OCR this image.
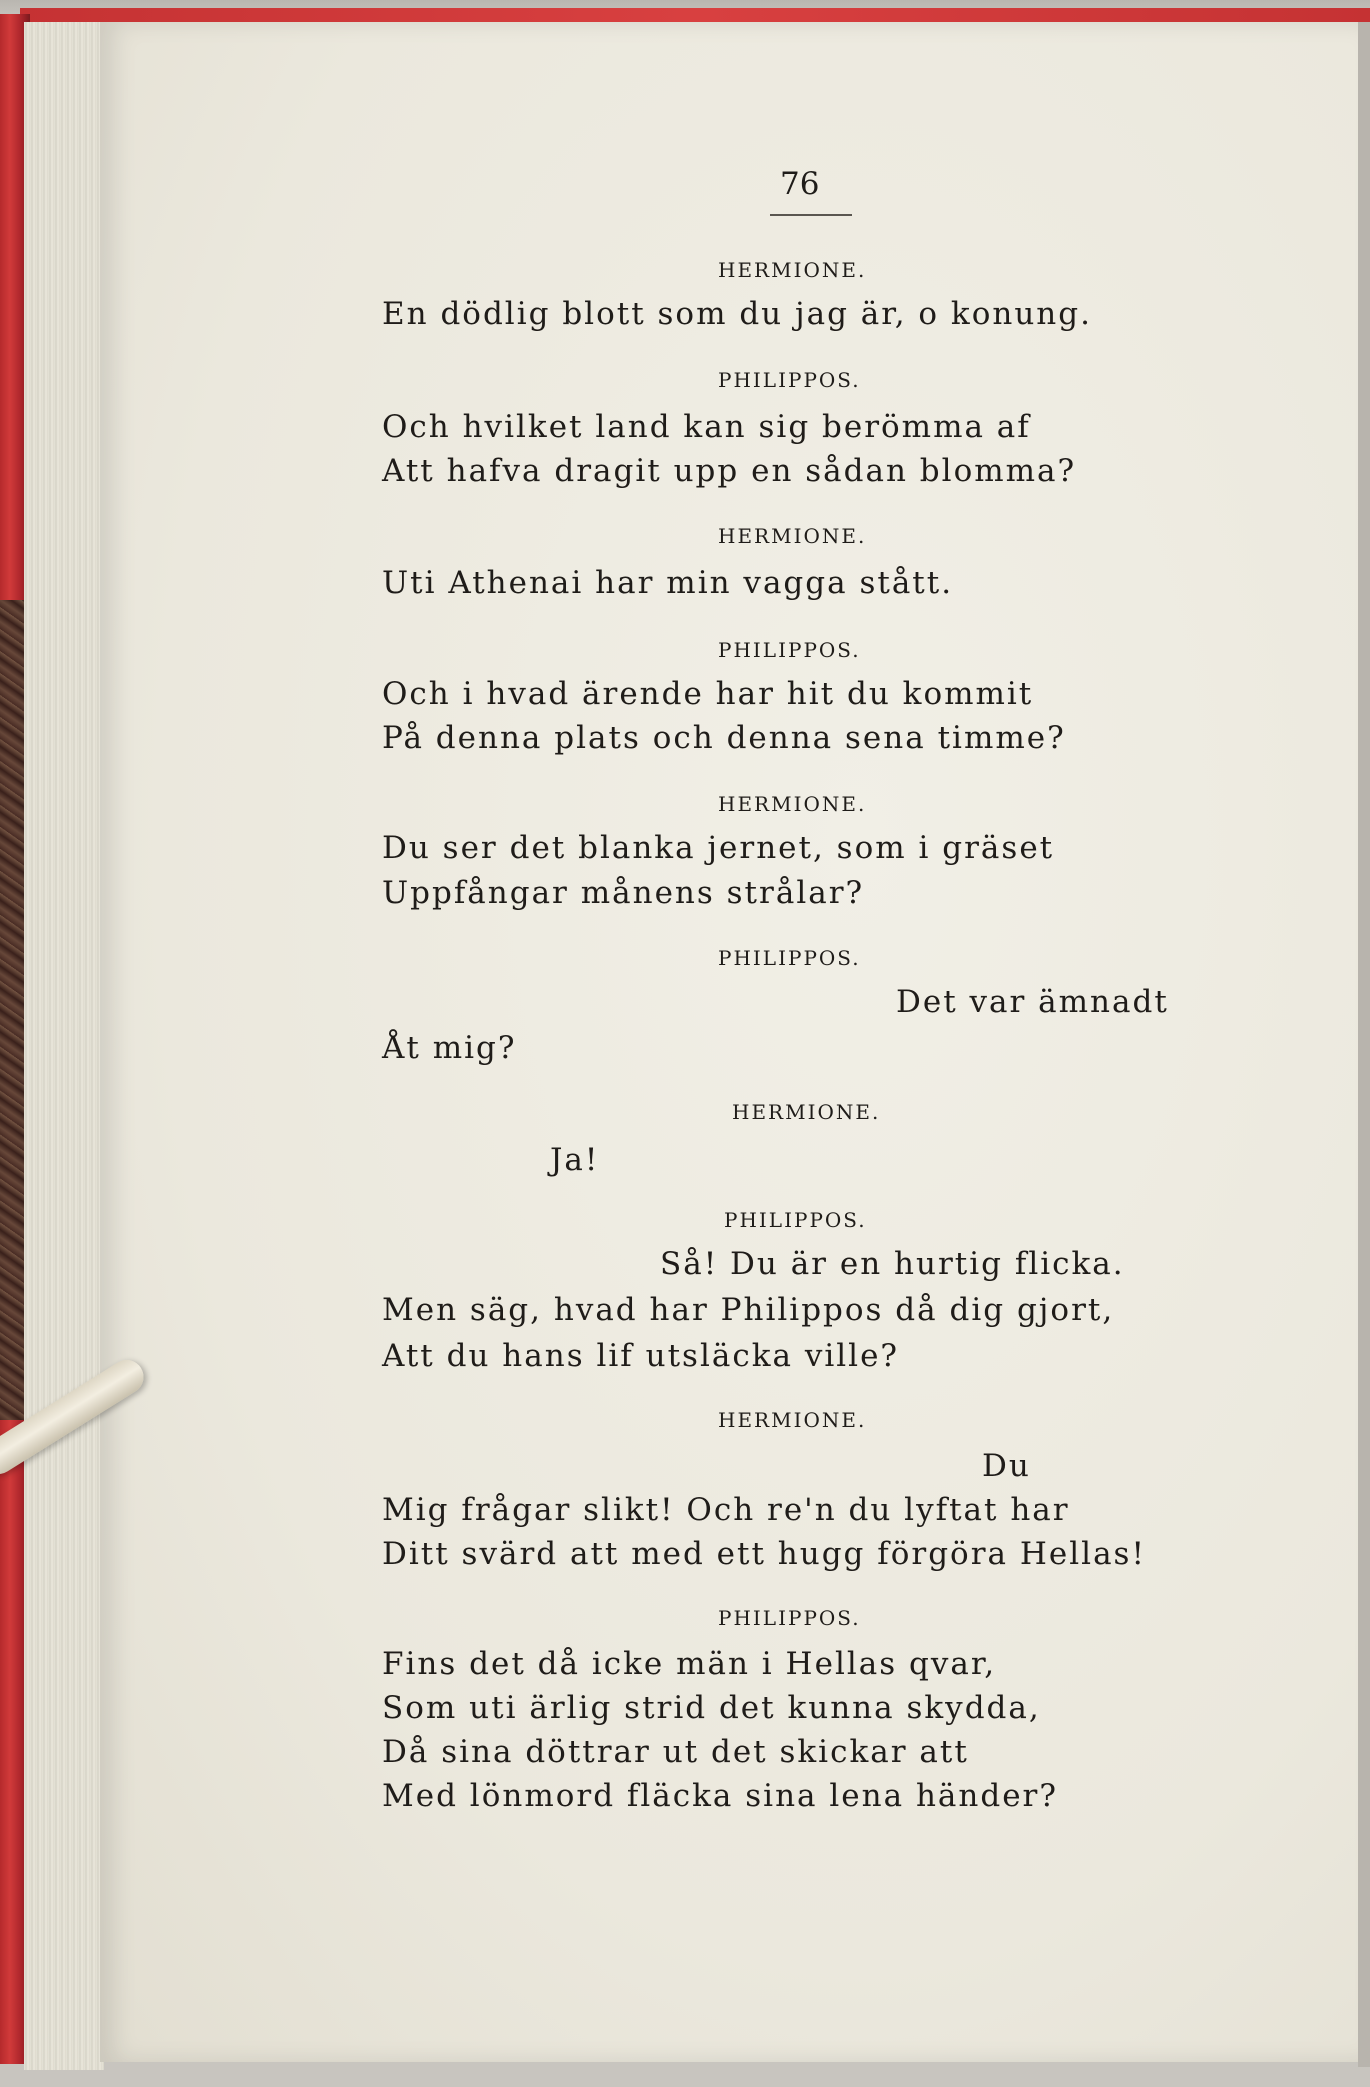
76
HERMIONE.
En dödlig blott som du jag är, o konung.
PHILIPPOS.
Och hvilket land kan sig berömma af
Att hafva dragit upp en sådan blomma?
HERMIONE.
Uti Athenai har min vagga stått.
PHILIPPOS.
Och i hvad ärende har hit du kommit
På denna plats och denna sena timme?
HERMIONE.
Du ser det blanka jernet, som i gräset
Uppfångar månens strålar?
PHILIPPOS.
Det var ämnadt
Åt mig?
HERMIONE.
Ja!
PHILIPPOS.
Så! Du är en hurtig flicka.
Men säg, hvad har Philippos då dig gjort,
Att du hans lif utsläcka ville?
HERMIONE.
Du
Mig frågar slikt! Och re'n du lyftat har
Ditt svärd att med ett hugg förgöra Hellas!
PHILIPPOS.
Fins det då icke män i Hellas qvar,
Som uti ärlig strid det kunna skydda,
Då sina döttrar ut det skickar att
Med lönmord fläcka sina lena händer?
